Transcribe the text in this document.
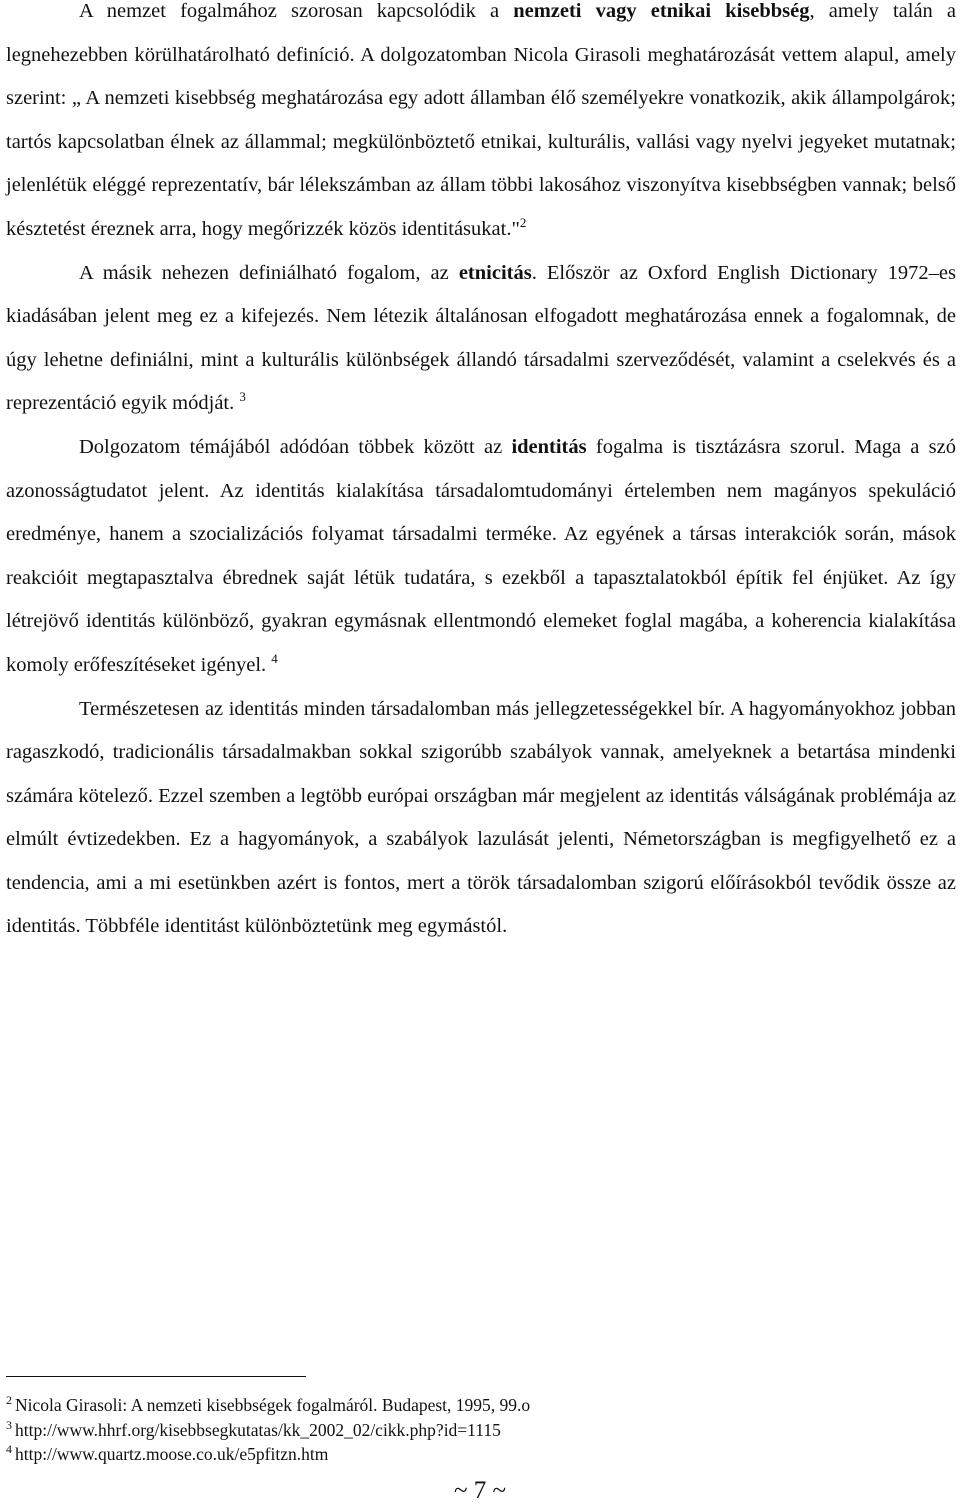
A nemzet fogalmához szorosan kapcsolódik a nemzeti vagy etnikai kisebbség, amely talán a legnehezebben körülhatárolható definíció. A dolgozatomban Nicola Girasoli meghatározását vettem alapul, amely szerint: „ A nemzeti kisebbség meghatározása egy adott államban élő személyekre vonatkozik, akik állampolgárok; tartós kapcsolatban élnek az állammal; megkülönböztető etnikai, kulturális, vallási vagy nyelvi jegyeket mutatnak; jelenlétük eléggé reprezentatív, bár lélekszámban az állam többi lakosához viszonyítva kisebbségben vannak; belső késztetést éreznek arra, hogy megőrizzék közös identitásukat."$^2$

A másik nehezen definiálható fogalom, az etnicitás. Először az Oxford English Dictionary 1972–es kiadásában jelent meg ez a kifejezés. Nem létezik általánosan elfogadott meghatározása ennek a fogalomnak, de úgy lehetne definiálni, mint a kulturális különbségek állandó társadalmi szerveződését, valamint a cselekvés és a reprezentáció egyik módját. $^3$

Dolgozatom témájából adódóan többek között az identitás fogalma is tisztázásra szorul. Maga a szó azonosságtudatot jelent. Az identitás kialakítása társadalomtudományi értelemben nem magányos spekuláció eredménye, hanem a szocializációs folyamat társadalmi terméke. Az egyének a társas interakciók során, mások reakcióit megtapasztalva ébrednek saját létük tudatára, s ezekből a tapasztalatokból építik fel énjüket. Az így létrejövő identitás különböző, gyakran egymásnak ellentmondó elemeket foglal magába, a koherencia kialakítása komoly erőfeszítéseket igényel. $^4$

Természetesen az identitás minden társadalomban más jellegzetességekkel bír. A hagyományokhoz jobban ragaszkodó, tradicionális társadalmakban sokkal szigorúbb szabályok vannak, amelyeknek a betartása mindenki számára kötelező. Ezzel szemben a legtöbb európai országban már megjelent az identitás válságának problémája az elmúlt évtizedekben. Ez a hagyományok, a szabályok lazulását jelenti, Németországban is megfigyelhető ez a tendencia, ami a mi esetünkben azért is fontos, mert a török társadalomban szigorú előírásokból tevődik össze az identitás. Többféle identitást különböztetünk meg egymástól.

$^2$ Nicola Girasoli: A nemzeti kisebbségek fogalmáról. Budapest, 1995, 99.o

$^3$ http://www.hhrf.org/kisebbsegkutatas/kk_2002_02/cikk.php?id=1115

$^4$ http://www.quartz.moose.co.uk/e5pfitzn.htm

~ 7 ~
